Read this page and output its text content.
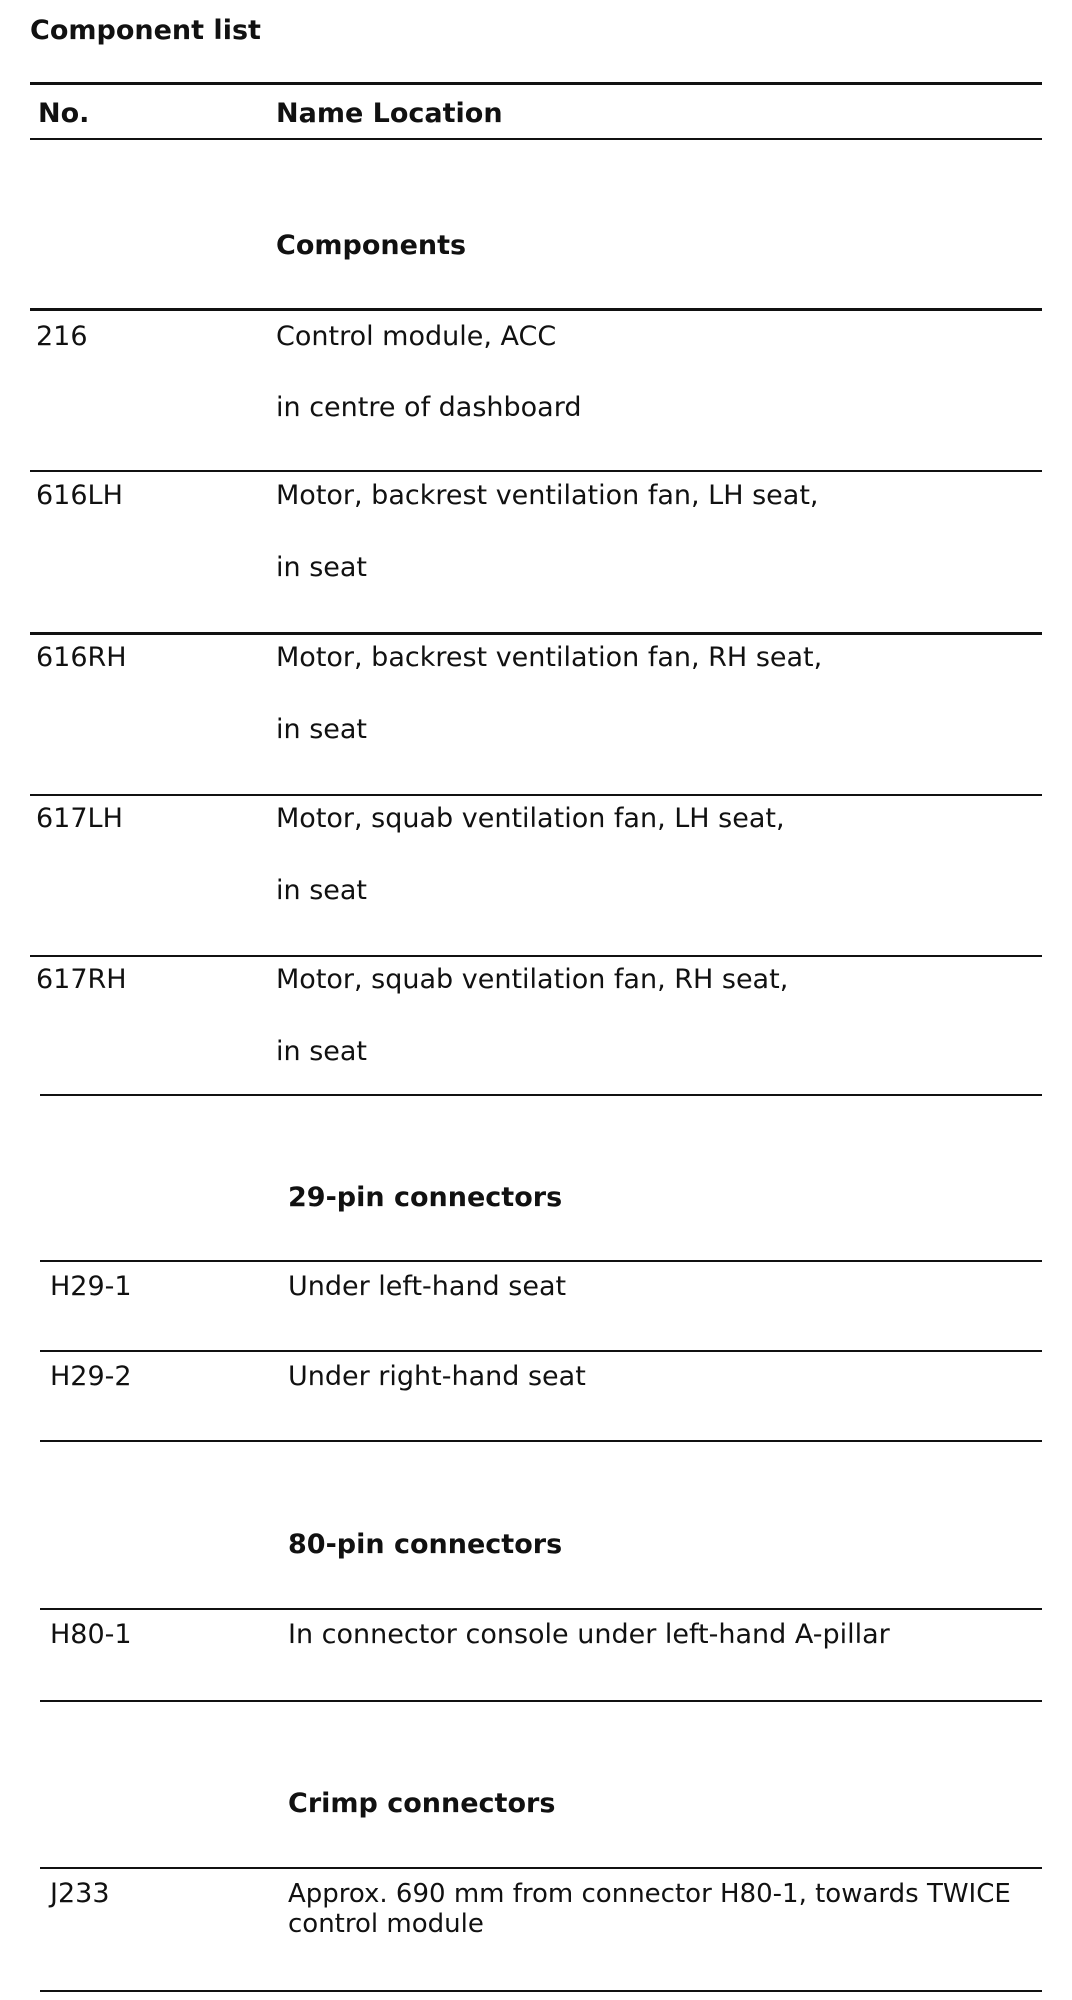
Component list
No.	Name Location
Components
216	Control module, ACC
in centre of dashboard
616LH	Motor, backrest ventilation fan, LH seat,
in seat
616RH	Motor, backrest ventilation fan, RH seat,
in seat
617LH	Motor, squab ventilation fan, LH seat,
in seat
617RH	Motor, squab ventilation fan, RH seat,
in seat
29-pin connectors
H29-1	Under left-hand seat
H29-2	Under right-hand seat
80-pin connectors
H80-1	In connector console under left-hand A-pillar
Crimp connectors
J233	Approx. 690 mm from connector H80-1, towards TWICE control module
